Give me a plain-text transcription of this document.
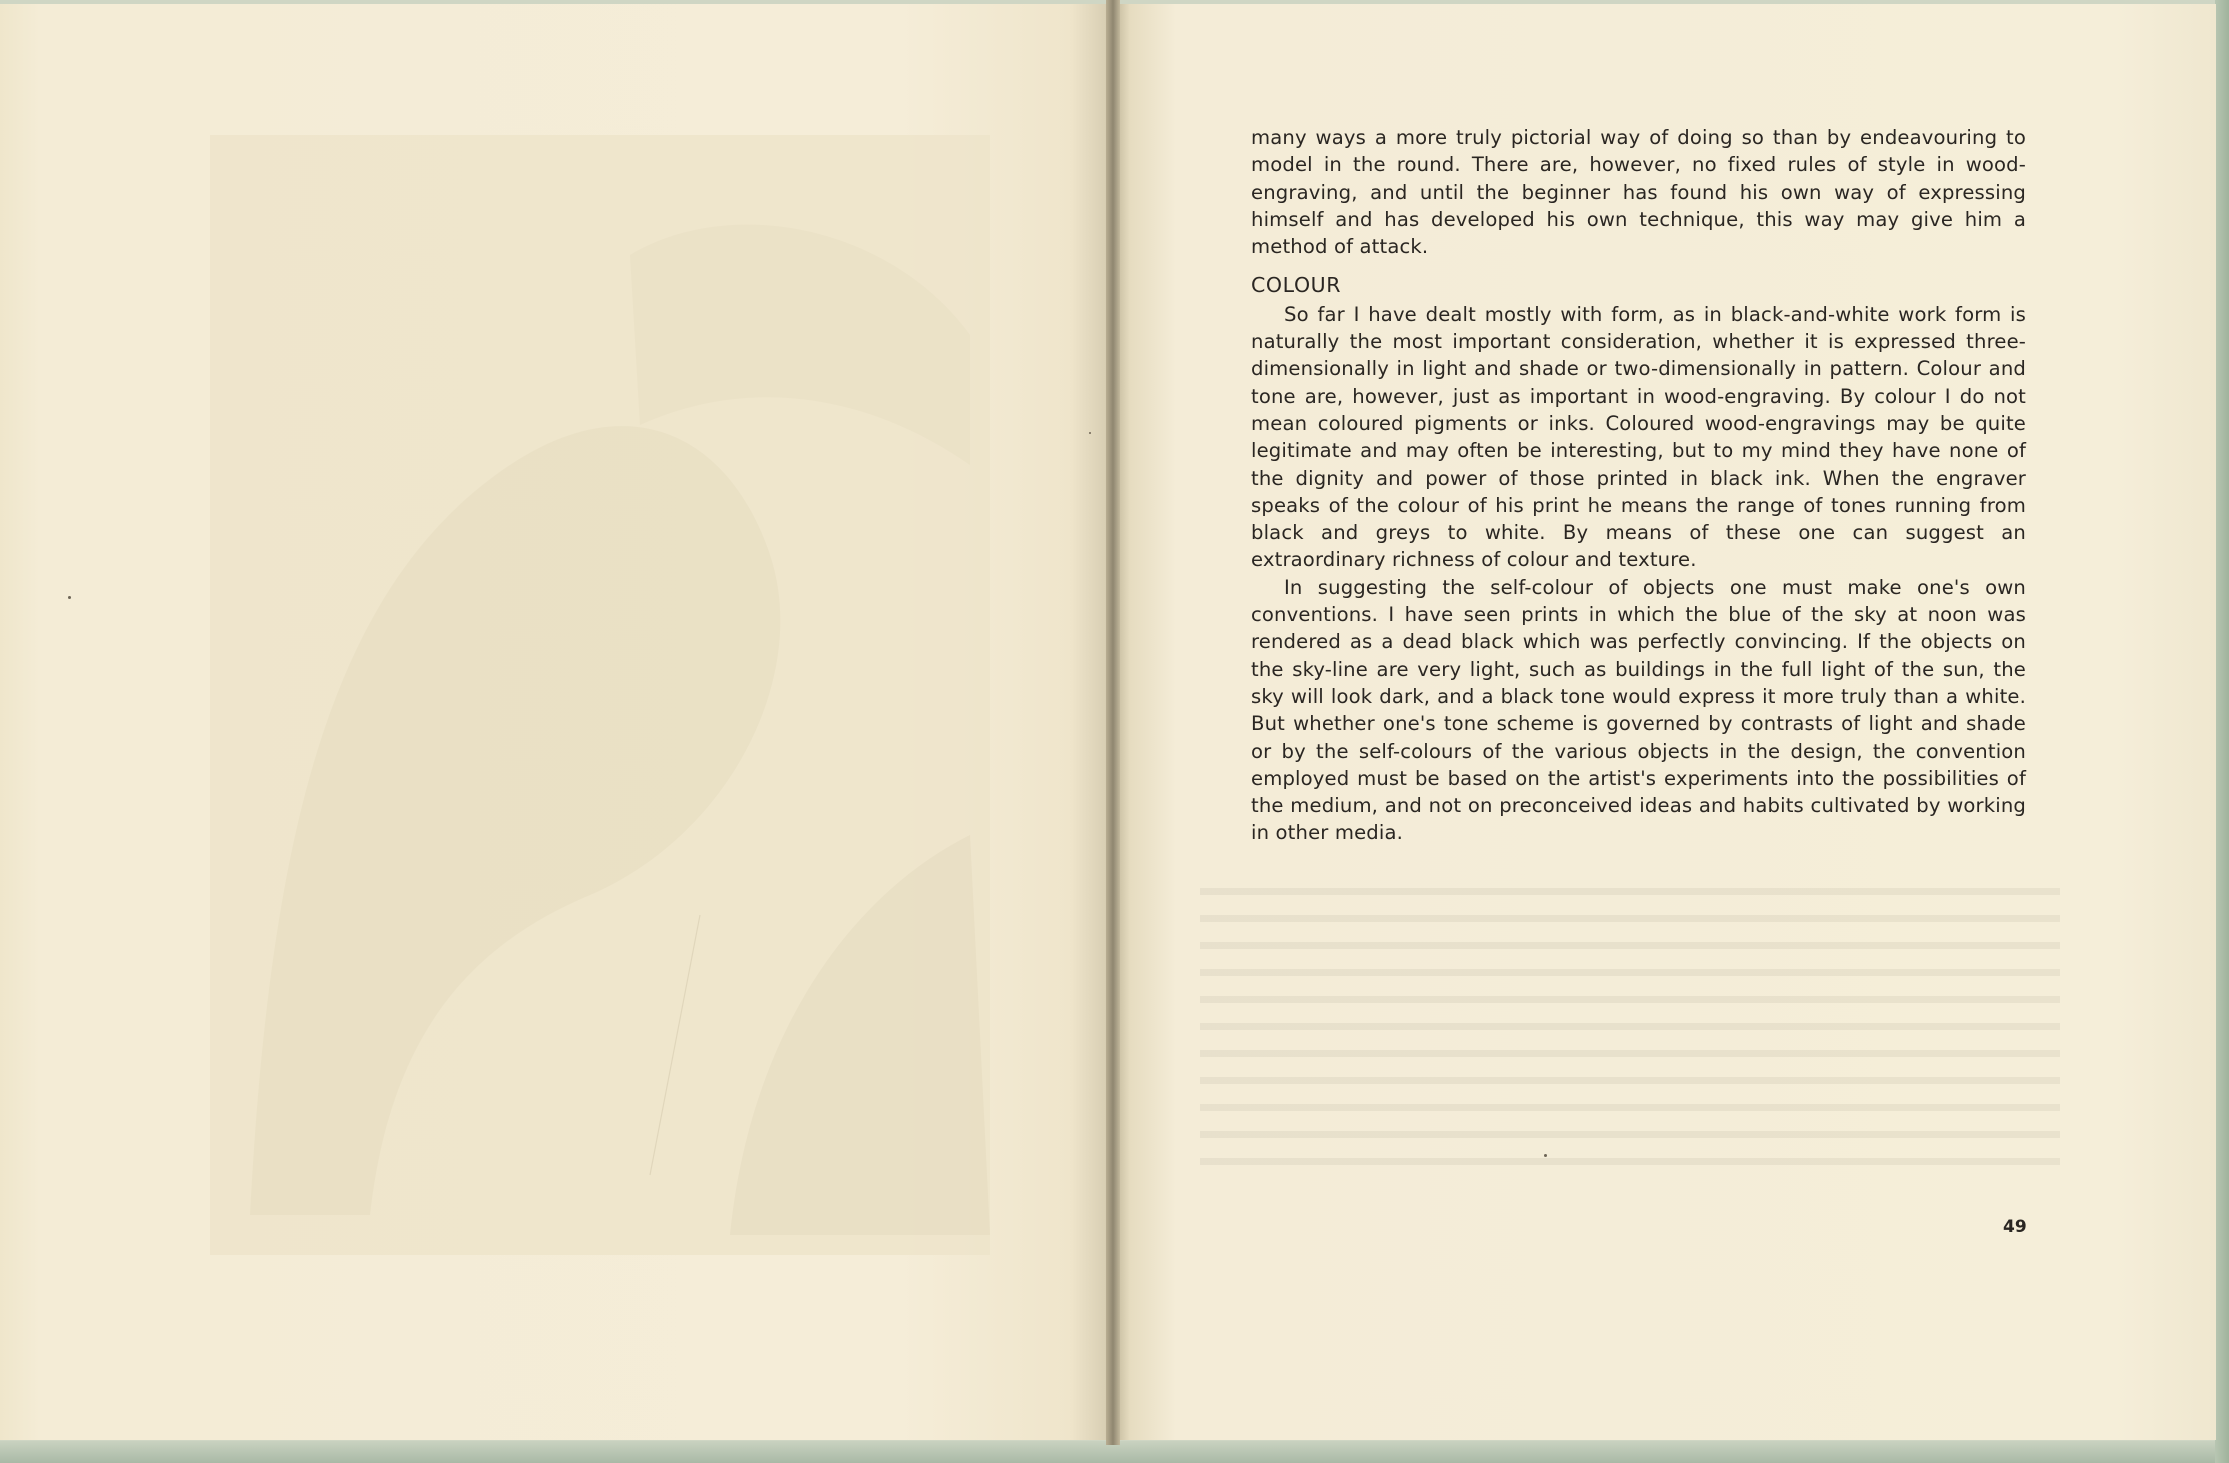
many ways a more truly pictorial way of doing so than by endeavouring to model in the round. There are, however, no fixed rules of style in wood-engraving, and until the beginner has found his own way of expressing himself and has developed his own technique, this way may give him a method of attack.

COLOUR

So far I have dealt mostly with form, as in black-and-white work form is naturally the most important consideration, whether it is expressed three-dimensionally in light and shade or two-dimensionally in pattern. Colour and tone are, however, just as important in wood-engraving. By colour I do not mean coloured pigments or inks. Coloured wood-engravings may be quite legitimate and may often be interesting, but to my mind they have none of the dignity and power of those printed in black ink. When the engraver speaks of the colour of his print he means the range of tones running from black and greys to white. By means of these one can suggest an extraordinary richness of colour and texture.

In suggesting the self-colour of objects one must make one's own conventions. I have seen prints in which the blue of the sky at noon was rendered as a dead black which was perfectly convincing. If the objects on the sky-line are very light, such as buildings in the full light of the sun, the sky will look dark, and a black tone would express it more truly than a white. But whether one's tone scheme is governed by contrasts of light and shade or by the self-colours of the various objects in the design, the convention employed must be based on the artist's experiments into the possibilities of the medium, and not on preconceived ideas and habits cultivated by working in other media.

49
